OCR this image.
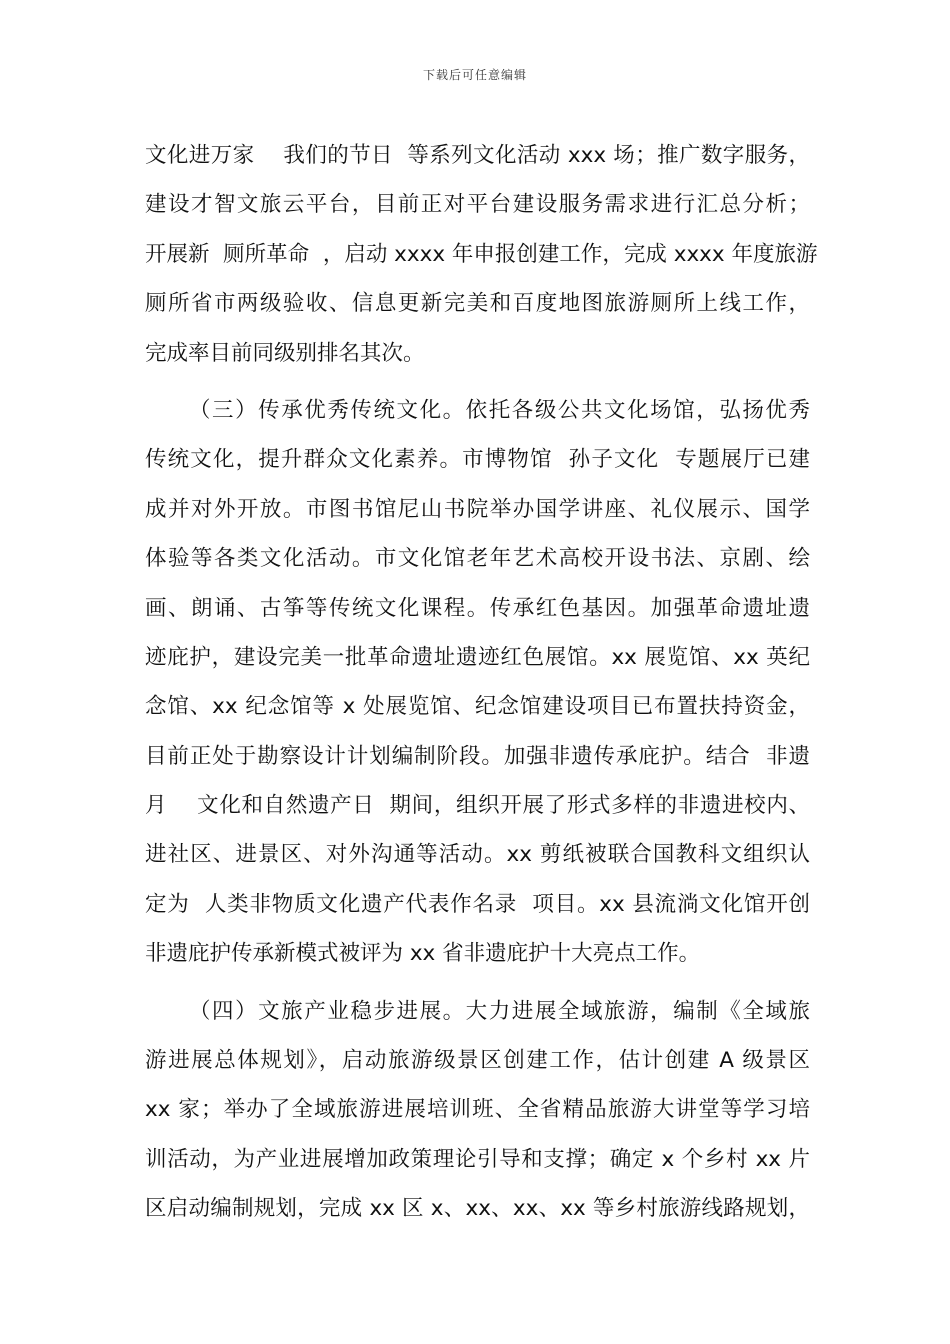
下载后可任意编辑
文化进万家    我们的节日  等系列文化活动 xxx 场；推广数字服务，
建设才智文旅云平台，目前正对平台建设服务需求进行汇总分析；
开展新  厕所革命  ，启动 xxxx 年申报创建工作，完成 xxxx 年度旅游
厕所省市两级验收、信息更新完美和百度地图旅游厕所上线工作，
完成率目前同级别排名其次。
（三）传承优秀传统文化。依托各级公共文化场馆，弘扬优秀
传统文化，提升群众文化素养。市博物馆  孙子文化  专题展厅已建
成并对外开放。市图书馆尼山书院举办国学讲座、礼仪展示、国学
体验等各类文化活动。市文化馆老年艺术高校开设书法、京剧、绘
画、朗诵、古筝等传统文化课程。传承红色基因。加强革命遗址遗
迹庇护，建设完美一批革命遗址遗迹红色展馆。xx 展览馆、xx 英纪
念馆、xx 纪念馆等 x 处展览馆、纪念馆建设项目已布置扶持资金，
目前正处于勘察设计计划编制阶段。加强非遗传承庇护。结合  非遗
月    文化和自然遗产日  期间，组织开展了形式多样的非遗进校内、
进社区、进景区、对外沟通等活动。xx 剪纸被联合国教科文组织认
定为  人类非物质文化遗产代表作名录  项目。xx 县流淌文化馆开创
非遗庇护传承新模式被评为 xx 省非遗庇护十大亮点工作。
（四）文旅产业稳步进展。大力进展全域旅游，编制《全域旅
游进展总体规划》，启动旅游级景区创建工作，估计创建 A 级景区
xx 家；举办了全域旅游进展培训班、全省精品旅游大讲堂等学习培
训活动，为产业进展增加政策理论引导和支撑；确定 x 个乡村 xx 片
区启动编制规划，完成 xx 区 x、xx、xx、xx 等乡村旅游线路规划，
